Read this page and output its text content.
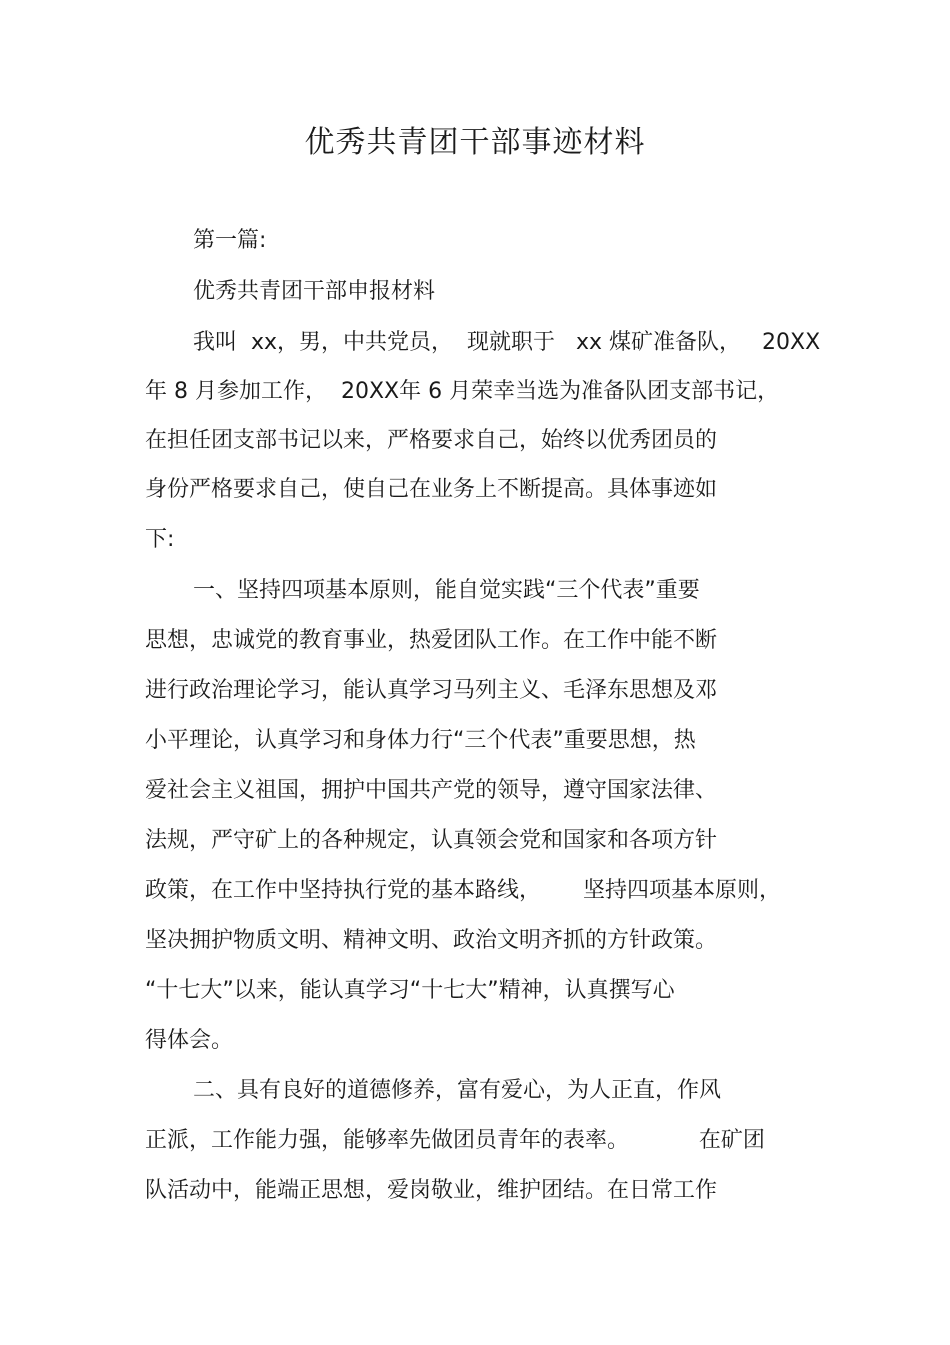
优秀共青团干部事迹材料
第一篇:
优秀共青团干部申报材料
我叫  xx，男，中共党员，  现就职于   xx 煤矿准备队，   20XX
年 8 月参加工作，  20XX年 6 月荣幸当选为准备队团支部书记，
在担任团支部书记以来，严格要求自己，始终以优秀团员的
身份严格要求自己，使自己在业务上不断提高。具体事迹如
下:
一、坚持四项基本原则，能自觉实践“三个代表”重要
思想，忠诚党的教育事业，热爱团队工作。在工作中能不断
进行政治理论学习，能认真学习马列主义、毛泽东思想及邓
小平理论，认真学习和身体力行“三个代表”重要思想，热
爱社会主义祖国，拥护中国共产党的领导，遵守国家法律、
法规，严守矿上的各种规定，认真领会党和国家和各项方针
政策，在工作中坚持执行党的基本路线，      坚持四项基本原则，
坚决拥护物质文明、精神文明、政治文明齐抓的方针政策。
“十七大”以来，能认真学习“十七大”精神，认真撰写心
得体会。
二、具有良好的道德修养，富有爱心，为人正直，作风
正派，工作能力强，能够率先做团员青年的表率。          在矿团
队活动中，能端正思想，爱岗敬业，维护团结。在日常工作
